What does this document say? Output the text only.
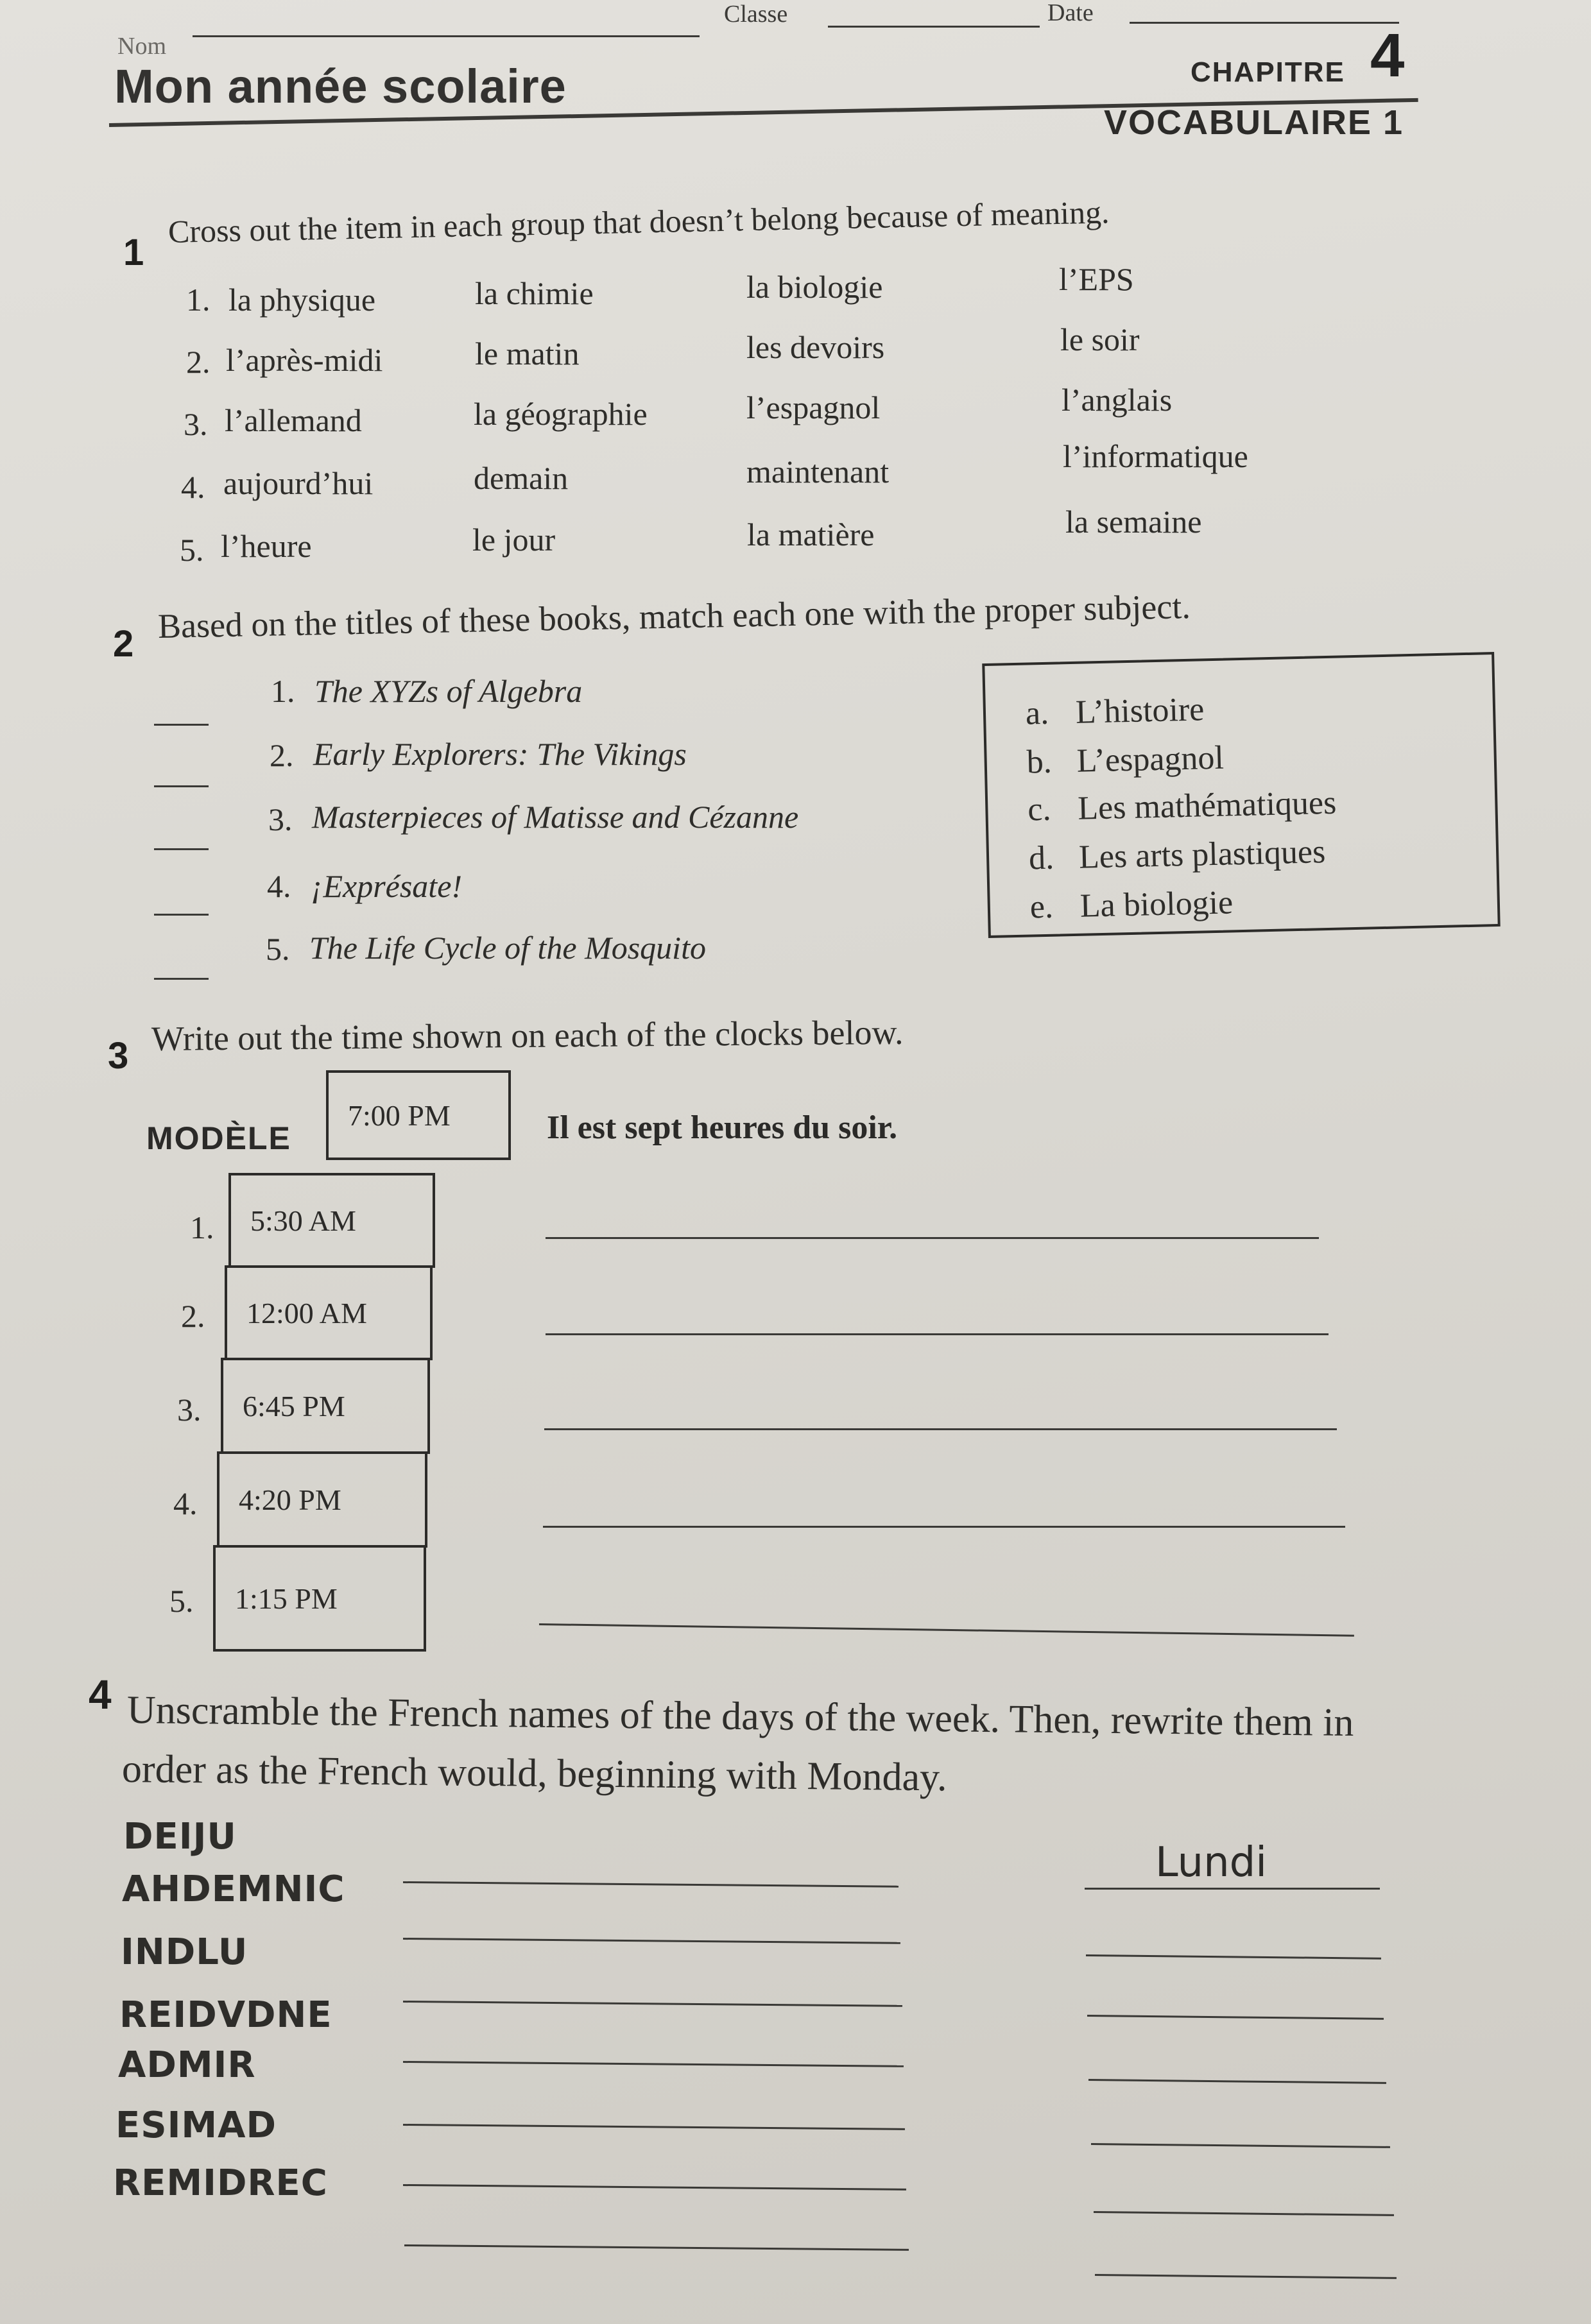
Nom
Classe	Date
Mon année scolaire	CHAPITRE 4
VOCABULAIRE 1
1
Cross out the item in each group that doesn’t belong because of meaning.
1. la physique	la chimie	la biologie	l’EPS
2. l’après-midi	le matin	les devoirs	le soir
3. l’allemand	la géographie	l’espagnol	l’anglais
4. aujourd’hui	demain	maintenant	l’informatique
5. l’heure	le jour	la matière	la semaine
2 Based on the titles of these books, match each one with the proper subject.
1. The XYZs of Algebra
2. Early Explorers: The Vikings
3. Masterpieces of Matisse and Cézanne
4. ¡Exprésate!
5. The Life Cycle of the Mosquito
a. L’histoire
b. L’espagnol
c. Les mathématiques
d. Les arts plastiques
e. La biologie
3 Write out the time shown on each of the clocks below.
MODÈLE
7:00 PM	Il est sept heures du soir.
1. 5:30 AM
2. 12:00 AM
3. 6:45 PM
4. 4:20 PM
5. 1:15 PM
4 Unscramble the French names of the days of the week. Then, rewrite them in
order as the French would, beginning with Monday.
DEIJU
AHDEMNIC
INDLU
REIDVDNE
ADMIR
ESIMAD
REMIDREC
Lundi
